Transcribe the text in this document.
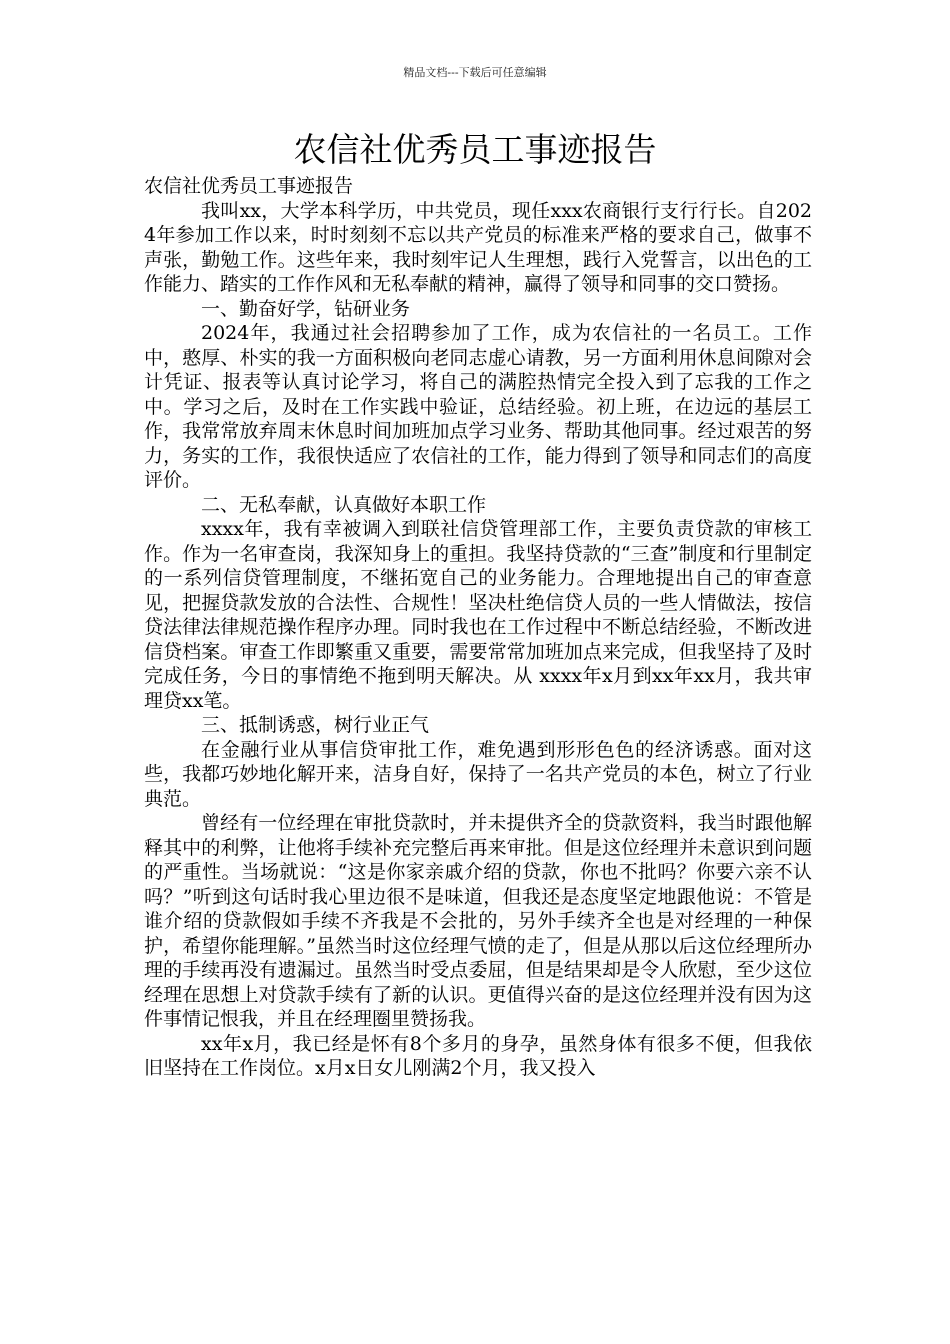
精品文档---下载后可任意编辑
农信社优秀员工事迹报告

农信社优秀员工事迹报告

我叫xx，大学本科学历，中共党员，现任xxx农商银行支行行长。自2024年参加工作以来，时时刻刻不忘以共产党员的标准来严格的要求自己，做事不声张，勤勉工作。这些年来，我时刻牢记人生理想，践行入党誓言，以出色的工作能力、踏实的工作作风和无私奉献的精神，赢得了领导和同事的交口赞扬。

一、勤奋好学，钻研业务

2024年，我通过社会招聘参加了工作，成为农信社的一名员工。工作中，憨厚、朴实的我一方面积极向老同志虚心请教，另一方面利用休息间隙对会计凭证、报表等认真讨论学习，将自己的满腔热情完全投入到了忘我的工作之中。学习之后，及时在工作实践中验证，总结经验。初上班，在边远的基层工作，我常常放弃周末休息时间加班加点学习业务、帮助其他同事。经过艰苦的努力，务实的工作，我很快适应了农信社的工作，能力得到了领导和同志们的高度评价。

二、无私奉献，认真做好本职工作

xxxx年，我有幸被调入到联社信贷管理部工作，主要负责贷款的审核工作。作为一名审查岗，我深知身上的重担。我坚持贷款的“三查”制度和行里制定的一系列信贷管理制度，不继拓宽自己的业务能力。合理地提出自己的审查意见，把握贷款发放的合法性、合规性！坚决杜绝信贷人员的一些人情做法，按信贷法律法律规范操作程序办理。同时我也在工作过程中不断总结经验，不断改进信贷档案。审查工作即繁重又重要，需要常常加班加点来完成，但我坚持了及时完成任务，今日的事情绝不拖到明天解决。从 xxxx年x月到xx年xx月，我共审理贷xx笔。

三、抵制诱惑，树行业正气

在金融行业从事信贷审批工作，难免遇到形形色色的经济诱惑。面对这些，我都巧妙地化解开来，洁身自好，保持了一名共产党员的本色，树立了行业典范。

曾经有一位经理在审批贷款时，并未提供齐全的贷款资料，我当时跟他解释其中的利弊，让他将手续补充完整后再来审批。但是这位经理并未意识到问题的严重性。当场就说：“这是你家亲戚介绍的贷款，你也不批吗？你要六亲不认吗？”听到这句话时我心里边很不是味道，但我还是态度坚定地跟他说：不管是谁介绍的贷款假如手续不齐我是不会批的，另外手续齐全也是对经理的一种保护，希望你能理解。”虽然当时这位经理气愤的走了，但是从那以后这位经理所办理的手续再没有遗漏过。虽然当时受点委屈，但是结果却是令人欣慰，至少这位经理在思想上对贷款手续有了新的认识。更值得兴奋的是这位经理并没有因为这件事情记恨我，并且在经理圈里赞扬我。

xx年x月，我已经是怀有8个多月的身孕，虽然身体有很多不便，但我依旧坚持在工作岗位。x月x日女儿刚满2个月，我又投入
